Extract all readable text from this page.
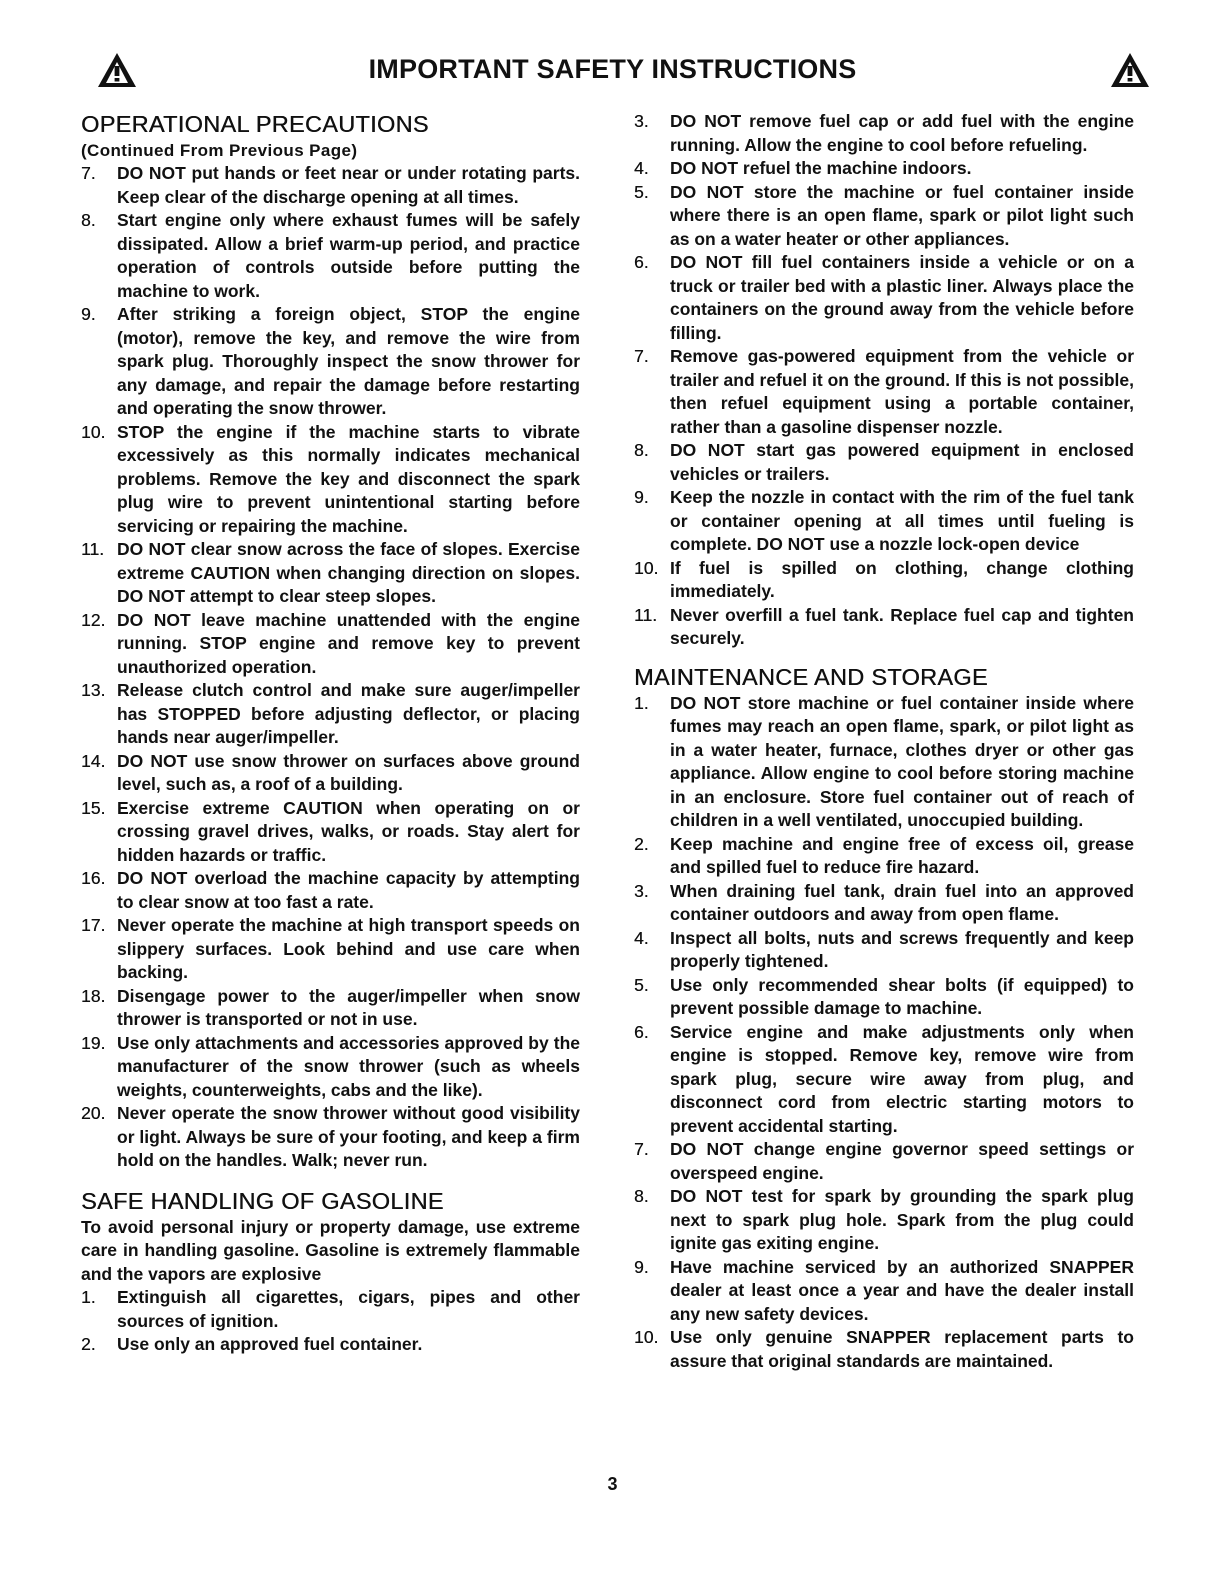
IMPORTANT SAFETY INSTRUCTIONS
OPERATIONAL PRECAUTIONS
(Continued From Previous Page)
7.	DO NOT put hands or feet near or under rotating parts. Keep clear of the discharge opening at all times.
8.	Start engine only where exhaust fumes will be safely dissipated. Allow a brief warm-up period, and practice operation of controls outside before putting the machine to work.
9.	After striking a foreign object, STOP the engine (motor), remove the key, and remove the wire from spark plug. Thoroughly inspect the snow thrower for any damage, and repair the damage before restarting and operating the snow thrower.
10. STOP the engine if the machine starts to vibrate excessively as this normally indicates mechanical problems. Remove the key and disconnect the spark plug wire to prevent unintentional starting before servicing or repairing the machine.
11. DO NOT clear snow across the face of slopes. Exercise extreme CAUTION when changing direction on slopes. DO NOT attempt to clear steep slopes.
12. DO NOT leave machine unattended with the engine running. STOP engine and remove key to prevent unauthorized operation.
13. Release clutch control and make sure auger/impeller has STOPPED before adjusting deflector, or placing hands near auger/impeller.
14. DO NOT use snow thrower on surfaces above ground level, such as, a roof of a building.
15. Exercise extreme CAUTION when operating on or crossing gravel drives, walks, or roads. Stay alert for hidden hazards or traffic.
16. DO NOT overload the machine capacity by attempting to clear snow at too fast a rate.
17. Never operate the machine at high transport speeds on slippery surfaces. Look behind and use care when backing.
18. Disengage power to the auger/impeller when snow thrower is transported or not in use.
19. Use only attachments and accessories approved by the manufacturer of the snow thrower (such as wheels weights, counterweights, cabs and the like).
20. Never operate the snow thrower without good visibility or light. Always be sure of your footing, and keep a firm hold on the handles. Walk; never run.
SAFE HANDLING OF GASOLINE
To avoid personal injury or property damage, use extreme care in handling gasoline. Gasoline is extremely flammable and the vapors are explosive
1.	Extinguish all cigarettes, cigars, pipes and other sources of ignition.
2.	Use only an approved fuel container.
3.	DO NOT remove fuel cap or add fuel with the engine running. Allow the engine to cool before refueling.
4.	DO NOT refuel the machine indoors.
5.	DO NOT store the machine or fuel container inside where there is an open flame, spark or pilot light such as on a water heater or other appliances.
6.	DO NOT fill fuel containers inside a vehicle or on a truck or trailer bed with a plastic liner. Always place the containers on the ground away from the vehicle before filling.
7.	Remove gas-powered equipment from the vehicle or trailer and refuel it on the ground. If this is not possible, then refuel equipment using a portable container, rather than a gasoline dispenser nozzle.
8.	DO NOT start gas powered equipment in enclosed vehicles or trailers.
9.	Keep the nozzle in contact with the rim of the fuel tank or container opening at all times until fueling is complete. DO NOT use a nozzle lock-open device
10. If fuel is spilled on clothing, change clothing immediately.
11. Never overfill a fuel tank. Replace fuel cap and tighten securely.
MAINTENANCE AND STORAGE
1.	DO NOT store machine or fuel container inside where fumes may reach an open flame, spark, or pilot light as in a water heater, furnace, clothes dryer or other gas appliance. Allow engine to cool before storing machine in an enclosure. Store fuel container out of reach of children in a well ventilated, unoccupied building.
2.	Keep machine and engine free of excess oil, grease and spilled fuel to reduce fire hazard.
3.	When draining fuel tank, drain fuel into an approved container outdoors and away from open flame.
4.	Inspect all bolts, nuts and screws frequently and keep properly tightened.
5.	Use only recommended shear bolts (if equipped) to prevent possible damage to machine.
6.	Service engine and make adjustments only when engine is stopped. Remove key, remove wire from spark plug, secure wire away from plug, and disconnect cord from electric starting motors to prevent accidental starting.
7.	DO NOT change engine governor speed settings or overspeed engine.
8.	DO NOT test for spark by grounding the spark plug next to spark plug hole. Spark from the plug could ignite gas exiting engine.
9.	Have machine serviced by an authorized SNAPPER dealer at least once a year and have the dealer install any new safety devices.
10. Use only genuine SNAPPER replacement parts to assure that original standards are maintained.
3
